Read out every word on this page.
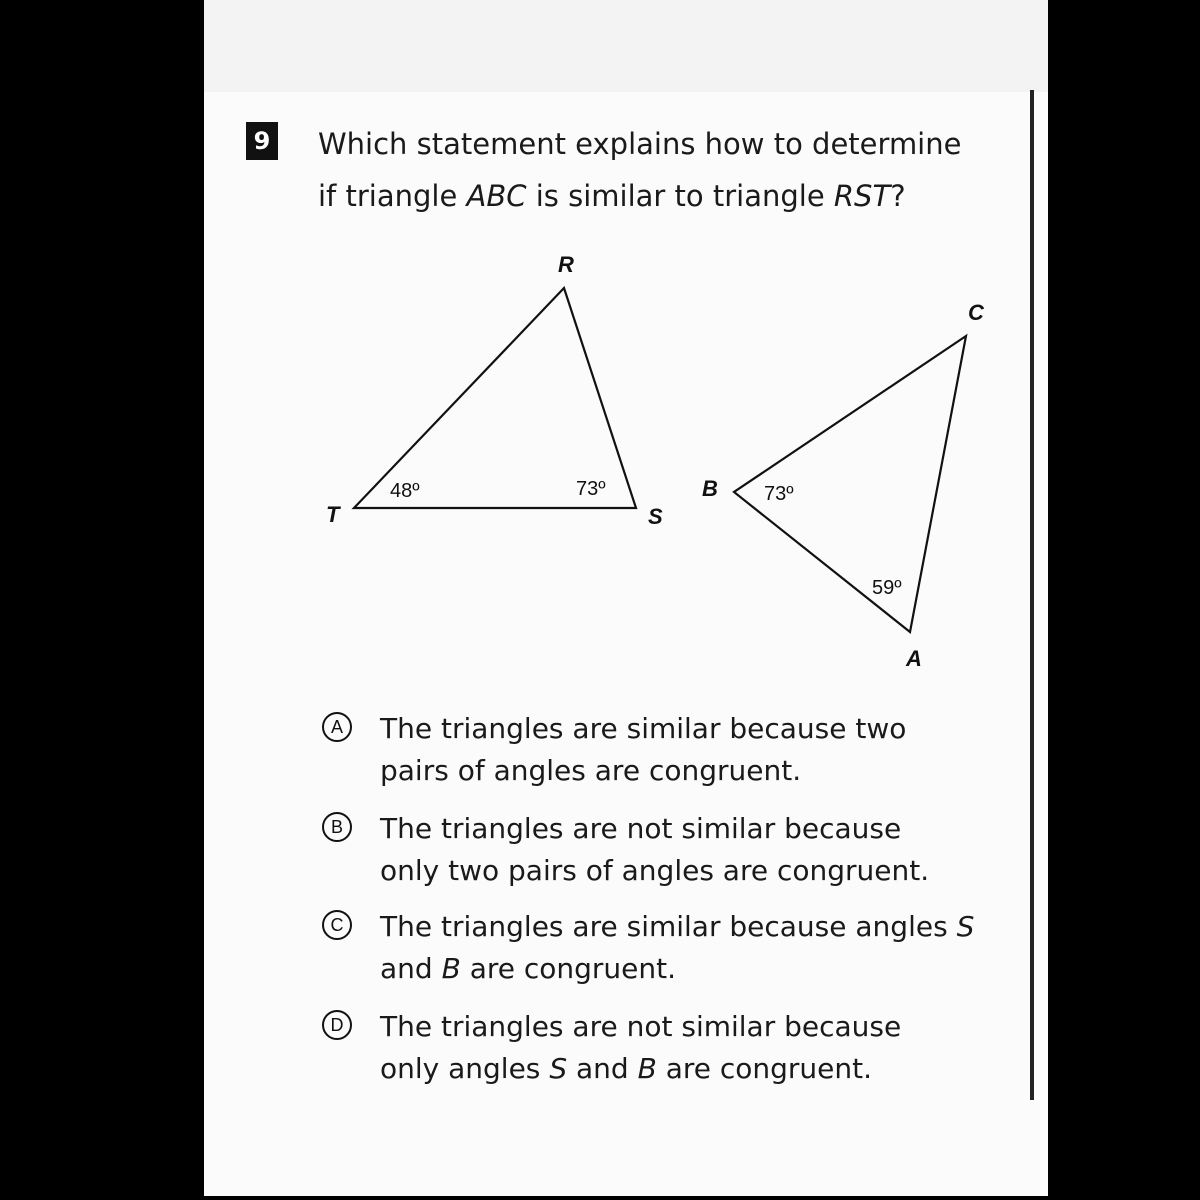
9 Which statement explains how to determine
if triangle ABC is similar to triangle RST?
R
T	S
48º	73º
C
B
A
73º
59º
A	The triangles are similar because two
pairs of angles are congruent.
B	The triangles are not similar because
only two pairs of angles are congruent.
C	The triangles are similar because angles S
and B are congruent.
D	The triangles are not similar because
only angles S and B are congruent.
